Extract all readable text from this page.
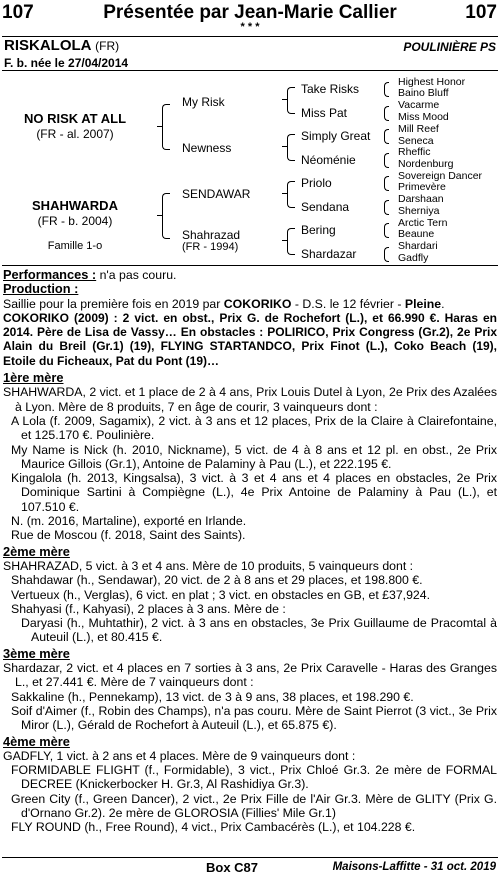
107	Présentée par Jean-Marie Callier	107
* * *
RISKALOLA (FR)	POULINIÈRE PS
F. b. née le 27/04/2014
NO RISK AT ALL
(FR - al. 2007)
SHAHWARDA
(FR - b. 2004)
Famille 1-o
My Risk
Newness
SENDAWAR
Shahrazad
(FR - 1994)
Take Risks
Miss Pat
Simply Great
Néoménie
Priolo
Sendana
Bering
Shardazar
Highest Honor
Baino Bluff
Vacarme
Miss Mood
Mill Reef
Seneca
Rheffic
Nordenburg
Sovereign Dancer
Primevère
Darshaan
Sherniya
Arctic Tern
Beaune
Shardari
Gadfly
Performances : n'a pas couru.
Production :
Saillie pour la première fois en 2019 par COKORIKO - D.S. le 12 février - Pleine.
COKORIKO (2009) : 2 vict. en obst., Prix G. de Rochefort (L.), et 66.990 €. Haras en 2014. Père de Lisa de Vassy… En obstacles : POLIRICO, Prix Congress (Gr.2), 2e Prix Alain du Breil (Gr.1) (19), FLYING STARTANDCO, Prix Finot (L.), Coko Beach (19), Etoile du Ficheaux, Pat du Pont (19)…
1ère mère
SHAHWARDA, 2 vict. et 1 place de 2 à 4 ans, Prix Louis Dutel à Lyon, 2e Prix des Azalées à Lyon. Mère de 8 produits, 7 en âge de courir, 3 vainqueurs dont :
A Lola (f. 2009, Sagamix), 2 vict. à 3 ans et 12 places, Prix de la Claire à Clairefontaine, et 125.170 €. Poulinière.
My Name is Nick (h. 2010, Nickname), 5 vict. de 4 à 8 ans et 12 pl. en obst., 2e Prix Maurice Gillois (Gr.1), Antoine de Palaminy à Pau (L.), et 222.195 €.
Kingalola (h. 2013, Kingsalsa), 3 vict. à 3 et 4 ans et 4 places en obstacles, 2e Prix Dominique Sartini à Compiègne (L.), 4e Prix Antoine de Palaminy à Pau (L.), et 107.510 €.
N. (m. 2016, Martaline), exporté en Irlande.
Rue de Moscou (f. 2018, Saint des Saints).
2ème mère
SHAHRAZAD, 5 vict. à 3 et 4 ans. Mère de 10 produits, 5 vainqueurs dont :
Shahdawar (h., Sendawar), 20 vict. de 2 à 8 ans et 29 places, et 198.800 €.
Vertueux (h., Verglas), 6 vict. en plat ; 3 vict. en obstacles en GB, et £37,924.
Shahyasi (f., Kahyasi), 2 places à 3 ans. Mère de :
Daryasi (h., Muhtathir), 2 vict. à 3 ans en obstacles, 3e Prix Guillaume de Pracomtal à Auteuil (L.), et 80.415 €.
3ème mère
Shardazar, 2 vict. et 4 places en 7 sorties à 3 ans, 2e Prix Caravelle - Haras des Granges L., et 27.441 €. Mère de 7 vainqueurs dont :
Sakkaline (h., Pennekamp), 13 vict. de 3 à 9 ans, 38 places, et 198.290 €.
Soif d'Aimer (f., Robin des Champs), n'a pas couru. Mère de Saint Pierrot (3 vict., 3e Prix Miror (L.), Gérald de Rochefort à Auteuil (L.), et 65.875 €).
4ème mère
GADFLY, 1 vict. à 2 ans et 4 places. Mère de 9 vainqueurs dont :
FORMIDABLE FLIGHT (f., Formidable), 3 vict., Prix Chloé Gr.3. 2e mère de FORMAL DECREE (Knickerbocker H. Gr.3, Al Rashidiya Gr.3).
Green City (f., Green Dancer), 2 vict., 2e Prix Fille de l'Air Gr.3. Mère de GLITY (Prix G. d'Ornano Gr.2). 2e mère de GLOROSIA (Fillies' Mile Gr.1)
FLY ROUND (h., Free Round), 4 vict., Prix Cambacérès (L.), et 104.228 €.
Box C87	Maisons-Laffitte - 31 oct. 2019
